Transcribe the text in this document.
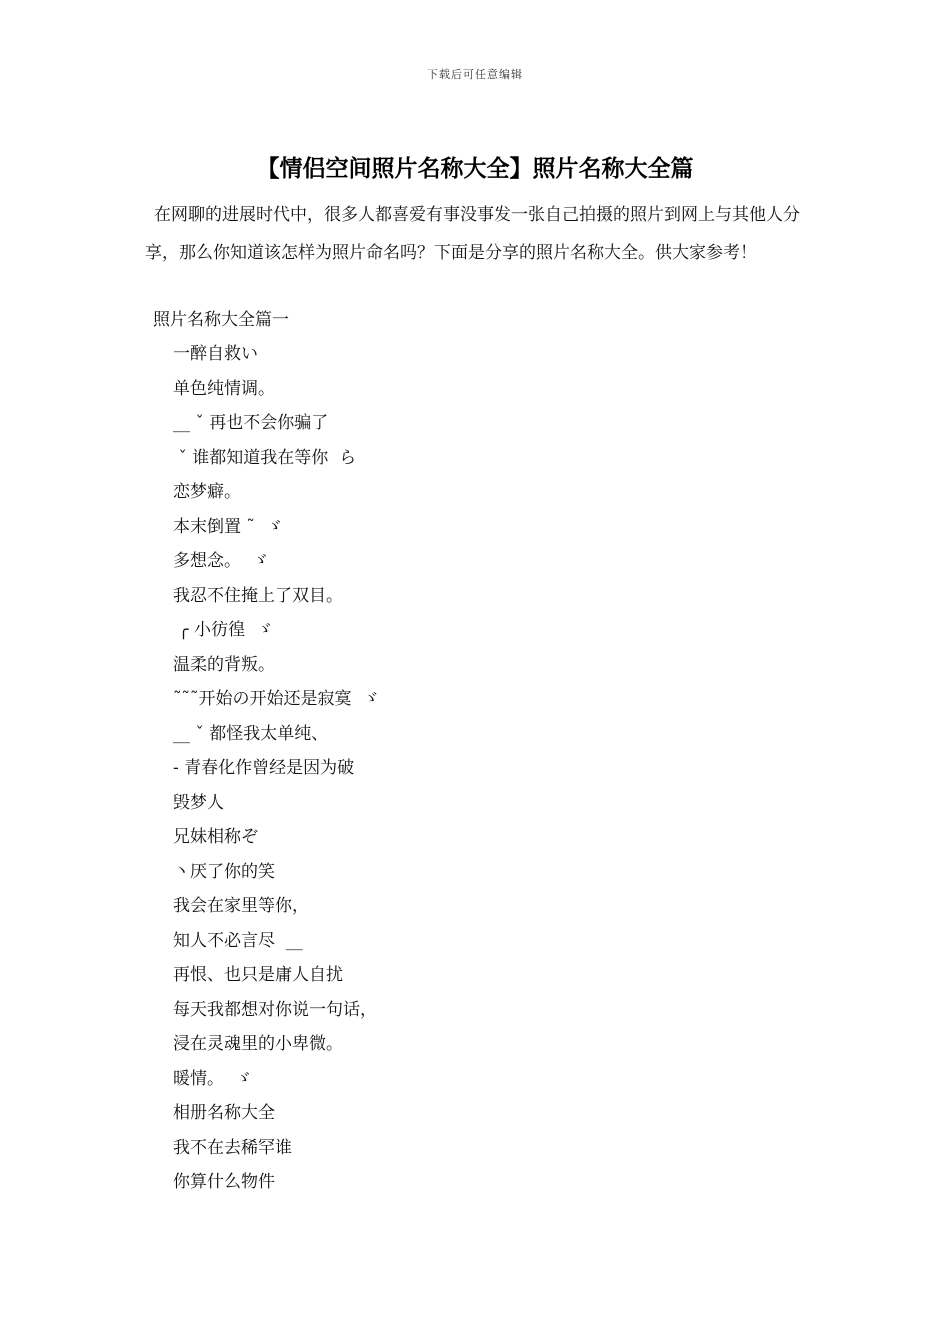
下载后可任意编辑
【情侣空间照片名称大全】照片名称大全篇

在网聊的进展时代中，很多人都喜爱有事没事发一张自己拍摄的照片到网上与其他人分享，那么你知道该怎样为照片命名吗？下面是分享的照片名称大全。供大家参考！

照片名称大全篇一

一醉自救い
单色纯情调。
__ ˇ 再也不会你骗了
ˇ 谁都知道我在等你  ら
恋梦癖。
本末倒置 ˜  ゞ
多想念。  ゞ
我忍不住掩上了双目。
╭ 小彷徨  ゞ
温柔的背叛。
˜˜˜开始の开始还是寂寞  ゞ
__ ˇ 都怪我太单纯、
- 青春化作曾经是因为破
毁梦人
兄妹相称ぞ
丶厌了你的笑
我会在家里等你，
知人不必言尽  __
再恨、也只是庸人自扰
每天我都想对你说一句话，
浸在灵魂里的小卑微。
暖情。  ゞ
相册名称大全
我不在去稀罕谁
你算什么物件
